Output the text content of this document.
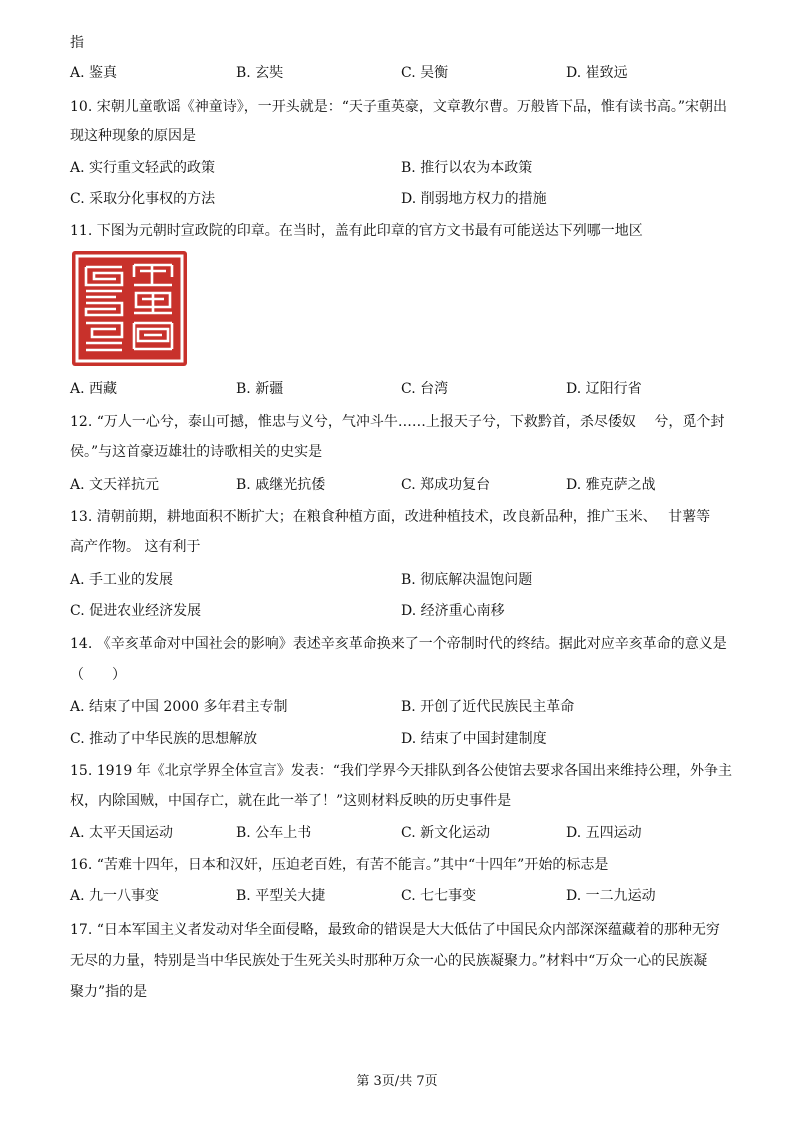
指
A. 鉴真	B. 玄奘	C. 吴衡	D. 崔致远
10. 宋朝儿童歌谣《神童诗》，一开头就是：“天子重英豪，文章教尔曹。万般皆下品，惟有读书高。”宋朝出
现这种现象的原因是
A. 实行重文轻武的政策	B. 推行以农为本政策
C. 采取分化事权的方法	D. 削弱地方权力的措施
11. 下图为元朝时宣政院的印章。在当时，盖有此印章的官方文书最有可能送达下列哪一地区
A. 西藏	B. 新疆	C. 台湾	D. 辽阳行省
12. “万人一心兮，泰山可撼，惟忠与义兮，气冲斗牛……上报天子兮，下救黔首，杀尽倭奴　 兮，觅个封
侯。”与这首豪迈雄壮的诗歌相关的史实是
A. 文天祥抗元	B. 戚继光抗倭	C. 郑成功复台	D. 雅克萨之战
13. 清朝前期，耕地面积不断扩大；在粮食种植方面，改进种植技术，改良新品种，推广玉米、　 甘薯等
高产作物。 这有利于
A. 手工业的发展	B. 彻底解决温饱问题
C. 促进农业经济发展	D. 经济重心南移
14. 《辛亥革命对中国社会的影响》表述辛亥革命换来了一个帝制时代的终结。据此对应辛亥革命的意义是
（　　）
A. 结束了中国 2000 多年君主专制	B. 开创了近代民族民主革命
C. 推动了中华民族的思想解放	D. 结束了中国封建制度
15. 1919 年《北京学界全体宣言》发表：“我们学界今天排队到各公使馆去要求各国出来维持公理，外争主
权，内除国贼，中国存亡，就在此一举了！”这则材料反映的历史事件是
A. 太平天国运动	B. 公车上书	C. 新文化运动	D. 五四运动
16. “苦难十四年，日本和汉奸，压迫老百姓，有苦不能言。”其中“十四年”开始的标志是
A. 九一八事变	B. 平型关大捷	C. 七七事变	D. 一二九运动
17. “日本军国主义者发动对华全面侵略，最致命的错误是大大低估了中国民众内部深深蕴藏着的那种无穷
无尽的力量，特别是当中华民族处于生死关头时那种万众一心的民族凝聚力。”材料中“万众一心的民族凝
聚力”指的是
第 3页/共 7页
